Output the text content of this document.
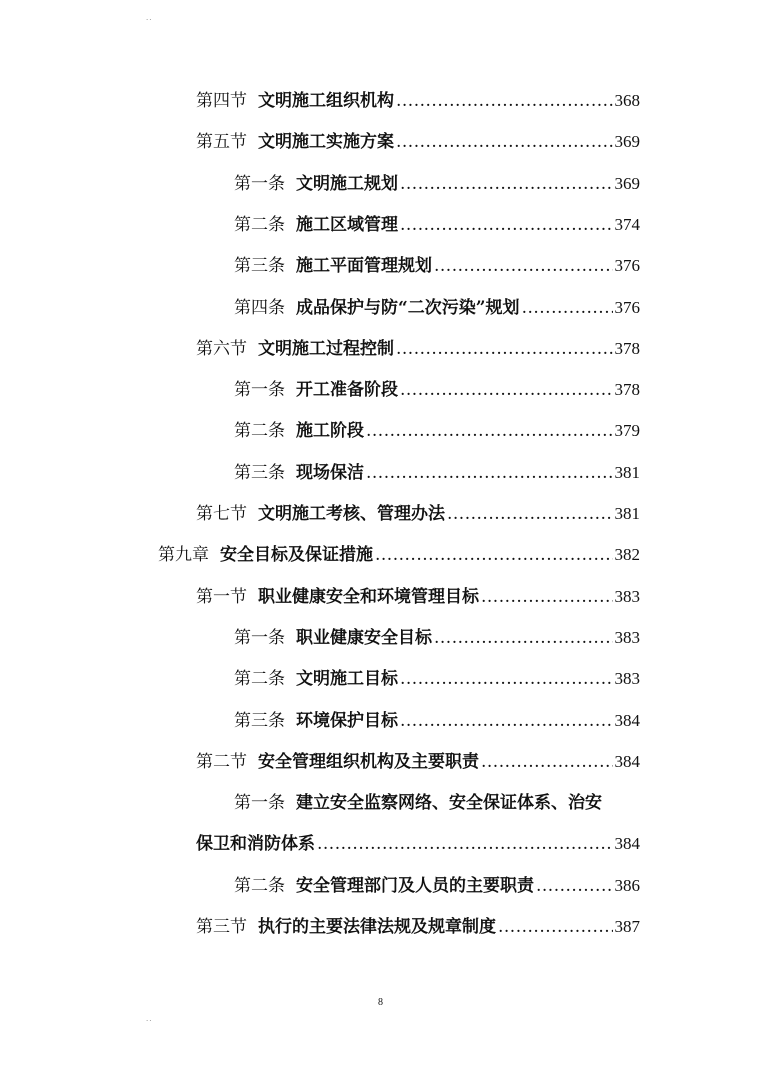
..
第四节 文明施工组织机构 .....	368
第五节 文明施工实施方案 .....	369
第一条 文明施工规划 .....	369
第二条 施工区域管理 .....	374
第三条 施工平面管理规划 .....	376
第四条 成品保护与防“二次污染”规划 .....	376
第六节 文明施工过程控制 .....	378
第一条 开工准备阶段 .....	378
第二条 施工阶段 .....	379
第三条 现场保洁 .....	381
第七节 文明施工考核、管理办法 .....	381
第九章 安全目标及保证措施 .....	382
第一节 职业健康安全和环境管理目标 .....	383
第一条 职业健康安全目标 .....	383
第二条 文明施工目标 .....	383
第三条 环境保护目标 .....	384
第二节 安全管理组织机构及主要职责 .....	384
第一条 建立安全监察网络、安全保证体系、治安
保卫和消防体系 .....	384
第二条 安全管理部门及人员的主要职责 .....	386
第三节 执行的主要法律法规及规章制度 .....	387
..
8
